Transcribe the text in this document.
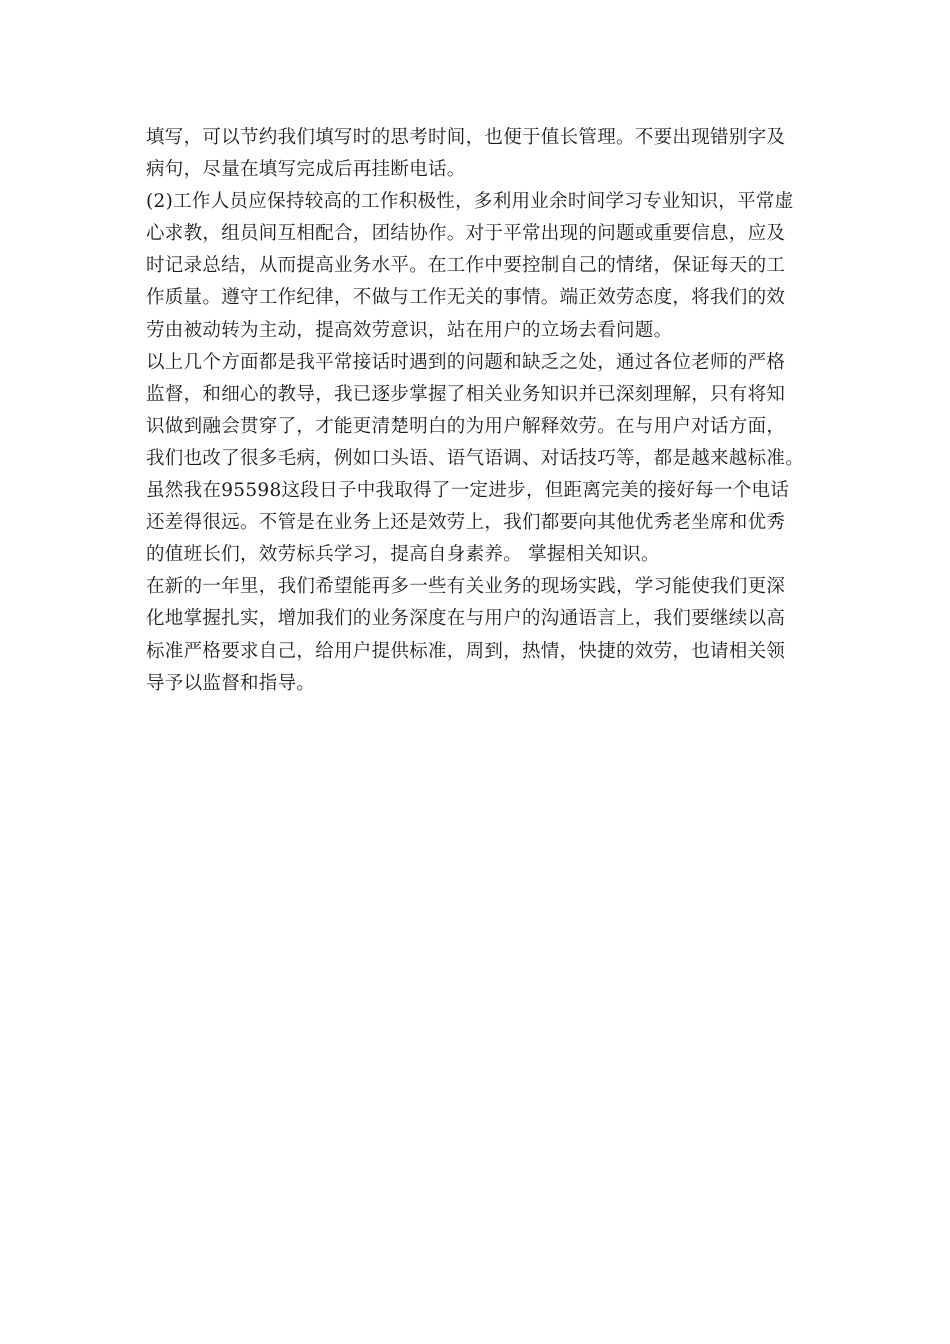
填写，可以节约我们填写时的思考时间，也便于值长管理。不要出现错别字及
病句，尽量在填写完成后再挂断电话。
(2)工作人员应保持较高的工作积极性，多利用业余时间学习专业知识，平常虚
心求教，组员间互相配合，团结协作。对于平常出现的问题或重要信息，应及
时记录总结，从而提高业务水平。在工作中要控制自己的情绪，保证每天的工
作质量。遵守工作纪律，不做与工作无关的事情。端正效劳态度，将我们的效
劳由被动转为主动，提高效劳意识，站在用户的立场去看问题。
以上几个方面都是我平常接话时遇到的问题和缺乏之处，通过各位老师的严格
监督，和细心的教导，我已逐步掌握了相关业务知识并已深刻理解，只有将知
识做到融会贯穿了，才能更清楚明白的为用户解释效劳。在与用户对话方面，
我们也改了很多毛病，例如口头语、语气语调、对话技巧等，都是越来越标准。
虽然我在95598这段日子中我取得了一定进步，但距离完美的接好每一个电话
还差得很远。不管是在业务上还是效劳上，我们都要向其他优秀老坐席和优秀
的值班长们，效劳标兵学习，提高自身素养。 掌握相关知识。
在新的一年里，我们希望能再多一些有关业务的现场实践，学习能使我们更深
化地掌握扎实，增加我们的业务深度在与用户的沟通语言上，我们要继续以高
标准严格要求自己，给用户提供标准，周到，热情，快捷的效劳，也请相关领
导予以监督和指导。
